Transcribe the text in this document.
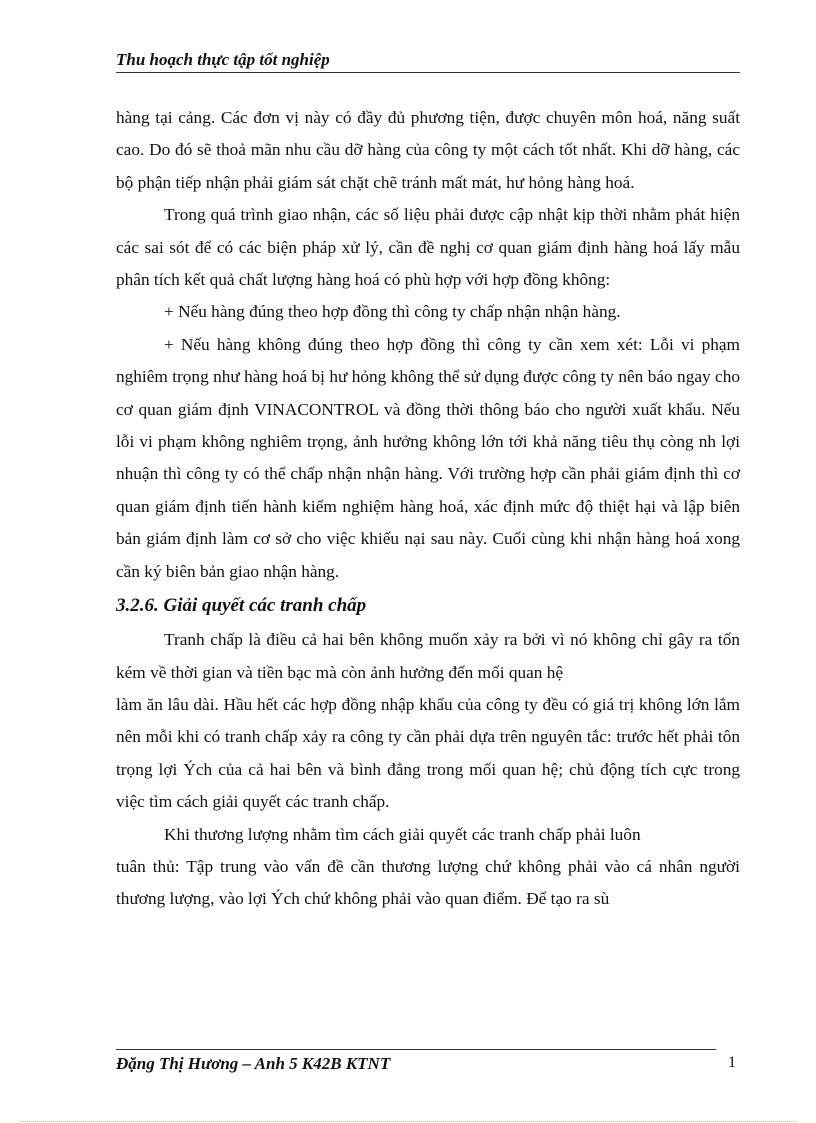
Thu hoạch thực tập tốt nghiệp

hàng tại cảng. Các đơn vị này có đầy đủ phương tiện, được chuyên môn hoá, năng suất cao. Do đó sẽ thoả mãn nhu cầu dỡ hàng của công ty một cách tốt nhất. Khi dỡ hàng, các bộ phận tiếp nhận phải giám sát chặt chẽ tránh mất mát, hư hỏng hàng hoá.

Trong quá trình giao nhận, các số liệu phải được cập nhật kịp thời nhằm phát hiện các sai sót để có các biện pháp xử lý, cần đề nghị cơ quan giám định hàng hoá lấy mẫu phân tích kết quả chất lượng hàng hoá có phù hợp với hợp đồng không:

+ Nếu hàng đúng theo hợp đồng thì công ty chấp nhận nhận hàng.

+ Nếu hàng không đúng theo hợp đồng thì công ty cần xem xét: Lỗi vi phạm nghiêm trọng như hàng hoá bị hư hỏng không thể sử dụng được công ty nên báo ngay cho cơ quan giám định VINACONTROL và đồng thời thông báo cho người xuất khẩu. Nếu lỗi vi phạm không nghiêm trọng, ảnh hưởng không lớn tới khả năng tiêu thụ còng nh lợi nhuận thì công ty có thể chấp nhận nhận hàng. Với trường hợp cần phải giám định thì cơ quan giám định tiến hành kiểm nghiệm hàng hoá, xác định mức độ thiệt hại và lập biên bản giám định làm cơ sở cho việc khiếu nại sau này. Cuối cùng khi nhận hàng hoá xong cần ký biên bản giao nhận hàng.

3.2.6. Giải quyết các tranh chấp

Tranh chấp là điều cả hai bên không muốn xảy ra bởi vì nó không chỉ gây ra tốn kém về thời gian và tiền bạc mà còn ảnh hưởng đến mối quan hệ

làm ăn lâu dài. Hầu hết các hợp đồng nhập khẩu của công ty đều có giá trị không lớn lắm nên mỗi khi có tranh chấp xảy ra công ty cần phải dựa trên nguyên tắc: trước hết phải tôn trọng lợi Ých của cả hai bên và bình đẳng trong mối quan hệ; chủ động tích cực trong việc tìm cách giải quyết các tranh chấp.

Khi thương lượng nhằm tìm cách giải quyết các tranh chấp phải luôn

tuân thủ: Tập trung vào vấn đề cần thương lượng chứ không phải vào cá nhân người thương lượng, vào lợi Ých chứ không phải vào quan điểm. Để tạo ra sù

Đặng Thị Hương – Anh 5 K42B KTNT	1
